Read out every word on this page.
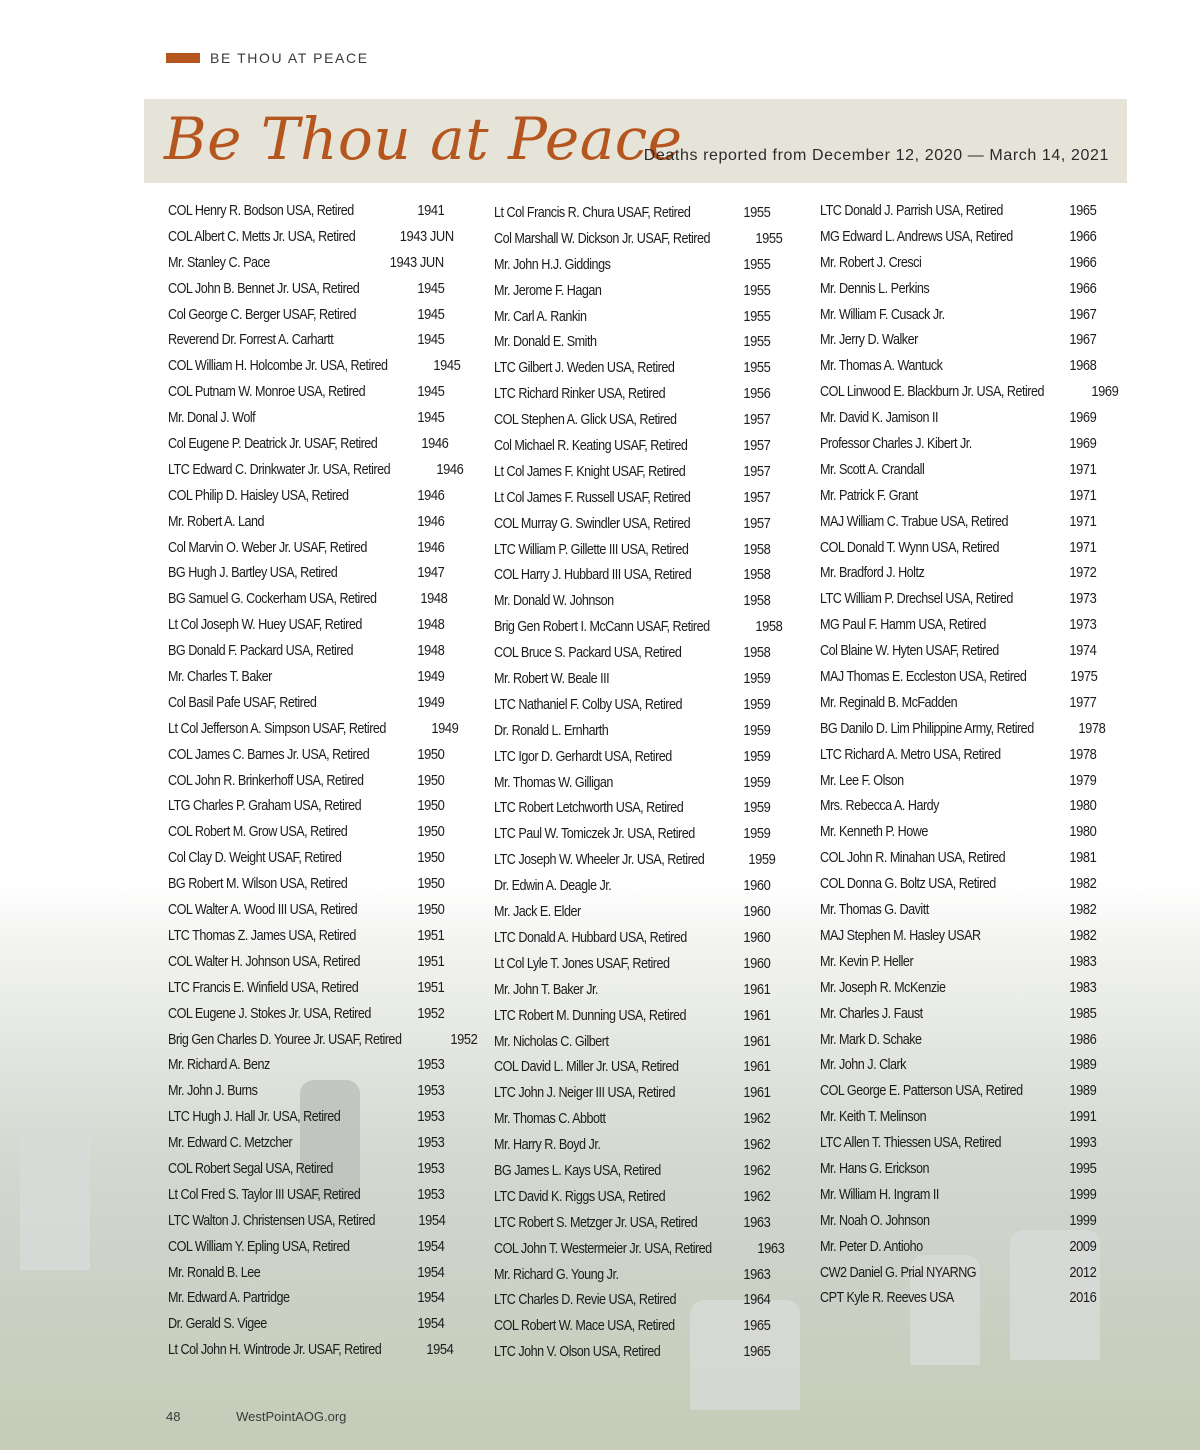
BE THOU AT PEACE
Be Thou at Peace
Deaths reported from December 12, 2020 — March 14, 2021
COL Henry R. Bodson USA, Retired	1941
COL Albert C. Metts Jr. USA, Retired	1943 JUN
Mr. Stanley C. Pace	1943 JUN
COL John B. Bennet Jr. USA, Retired	1945
Col George C. Berger USAF, Retired	1945
Reverend Dr. Forrest A. Carhartt	1945
COL William H. Holcombe Jr. USA, Retired	1945
COL Putnam W. Monroe USA, Retired	1945
Mr. Donal J. Wolf	1945
Col Eugene P. Deatrick Jr. USAF, Retired	1946
LTC Edward C. Drinkwater Jr. USA, Retired	1946
COL Philip D. Haisley USA, Retired	1946
Mr. Robert A. Land	1946
Col Marvin O. Weber Jr. USAF, Retired	1946
BG Hugh J. Bartley USA, Retired	1947
BG Samuel G. Cockerham USA, Retired	1948
Lt Col Joseph W. Huey USAF, Retired	1948
BG Donald F. Packard USA, Retired	1948
Mr. Charles T. Baker	1949
Col Basil Pafe USAF, Retired	1949
Lt Col Jefferson A. Simpson USAF, Retired	1949
COL James C. Barnes Jr. USA, Retired	1950
COL John R. Brinkerhoff USA, Retired	1950
LTG Charles P. Graham USA, Retired	1950
COL Robert M. Grow USA, Retired	1950
Col Clay D. Weight USAF, Retired	1950
BG Robert M. Wilson USA, Retired	1950
COL Walter A. Wood III USA, Retired	1950
LTC Thomas Z. James USA, Retired	1951
COL Walter H. Johnson USA, Retired	1951
LTC Francis E. Winfield USA, Retired	1951
COL Eugene J. Stokes Jr. USA, Retired	1952
Brig Gen Charles D. Youree Jr. USAF, Retired	1952
Mr. Richard A. Benz	1953
Mr. John J. Burns	1953
LTC Hugh J. Hall Jr. USA, Retired	1953
Mr. Edward C. Metzcher	1953
COL Robert Segal USA, Retired	1953
Lt Col Fred S. Taylor III USAF, Retired	1953
LTC Walton J. Christensen USA, Retired	1954
COL William Y. Epling USA, Retired	1954
Mr. Ronald B. Lee	1954
Mr. Edward A. Partridge	1954
Dr. Gerald S. Vigee	1954
Lt Col John H. Wintrode Jr. USAF, Retired	1954
Lt Col Francis R. Chura USAF, Retired	1955
Col Marshall W. Dickson Jr. USAF, Retired	1955
Mr. John H.J. Giddings	1955
Mr. Jerome F. Hagan	1955
Mr. Carl A. Rankin	1955
Mr. Donald E. Smith	1955
LTC Gilbert J. Weden USA, Retired	1955
LTC Richard Rinker USA, Retired	1956
COL Stephen A. Glick USA, Retired	1957
Col Michael R. Keating USAF, Retired	1957
Lt Col James F. Knight USAF, Retired	1957
Lt Col James F. Russell USAF, Retired	1957
COL Murray G. Swindler USA, Retired	1957
LTC William P. Gillette III USA, Retired	1958
COL Harry J. Hubbard III USA, Retired	1958
Mr. Donald W. Johnson	1958
Brig Gen Robert I. McCann USAF, Retired	1958
COL Bruce S. Packard USA, Retired	1958
Mr. Robert W. Beale III	1959
LTC Nathaniel F. Colby USA, Retired	1959
Dr. Ronald L. Ernharth	1959
LTC Igor D. Gerhardt USA, Retired	1959
Mr. Thomas W. Gilligan	1959
LTC Robert Letchworth USA, Retired	1959
LTC Paul W. Tomiczek Jr. USA, Retired	1959
LTC Joseph W. Wheeler Jr. USA, Retired	1959
Dr. Edwin A. Deagle Jr.	1960
Mr. Jack E. Elder	1960
LTC Donald A. Hubbard USA, Retired	1960
Lt Col Lyle T. Jones USAF, Retired	1960
Mr. John T. Baker Jr.	1961
LTC Robert M. Dunning USA, Retired	1961
Mr. Nicholas C. Gilbert	1961
COL David L. Miller Jr. USA, Retired	1961
LTC John J. Neiger III USA, Retired	1961
Mr. Thomas C. Abbott	1962
Mr. Harry R. Boyd Jr.	1962
BG James L. Kays USA, Retired	1962
LTC David K. Riggs USA, Retired	1962
LTC Robert S. Metzger Jr. USA, Retired	1963
COL John T. Westermeier Jr. USA, Retired	1963
Mr. Richard G. Young Jr.	1963
LTC Charles D. Revie USA, Retired	1964
COL Robert W. Mace USA, Retired	1965
LTC John V. Olson USA, Retired	1965
LTC Donald J. Parrish USA, Retired	1965
MG Edward L. Andrews USA, Retired	1966
Mr. Robert J. Cresci	1966
Mr. Dennis L. Perkins	1966
Mr. William F. Cusack Jr.	1967
Mr. Jerry D. Walker	1967
Mr. Thomas A. Wantuck	1968
COL Linwood E. Blackburn Jr. USA, Retired	1969
Mr. David K. Jamison II	1969
Professor Charles J. Kibert Jr.	1969
Mr. Scott A. Crandall	1971
Mr. Patrick F. Grant	1971
MAJ William C. Trabue USA, Retired	1971
COL Donald T. Wynn USA, Retired	1971
Mr. Bradford J. Holtz	1972
LTC William P. Drechsel USA, Retired	1973
MG Paul F. Hamm USA, Retired	1973
Col Blaine W. Hyten USAF, Retired	1974
MAJ Thomas E. Eccleston USA, Retired	1975
Mr. Reginald B. McFadden	1977
BG Danilo D. Lim Philippine Army, Retired	1978
LTC Richard A. Metro USA, Retired	1978
Mr. Lee F. Olson	1979
Mrs. Rebecca A. Hardy	1980
Mr. Kenneth P. Howe	1980
COL John R. Minahan USA, Retired	1981
COL Donna G. Boltz USA, Retired	1982
Mr. Thomas G. Davitt	1982
MAJ Stephen M. Hasley USAR	1982
Mr. Kevin P. Heller	1983
Mr. Joseph R. McKenzie	1983
Mr. Charles J. Faust	1985
Mr. Mark D. Schake	1986
Mr. John J. Clark	1989
COL George E. Patterson USA, Retired	1989
Mr. Keith T. Melinson	1991
LTC Allen T. Thiessen USA, Retired	1993
Mr. Hans G. Erickson	1995
Mr. William H. Ingram II	1999
Mr. Noah O. Johnson	1999
Mr. Peter D. Antioho	2009
CW2 Daniel G. Prial NYARNG	2012
CPT Kyle R. Reeves USA	2016
48	WestPointAOG.org
